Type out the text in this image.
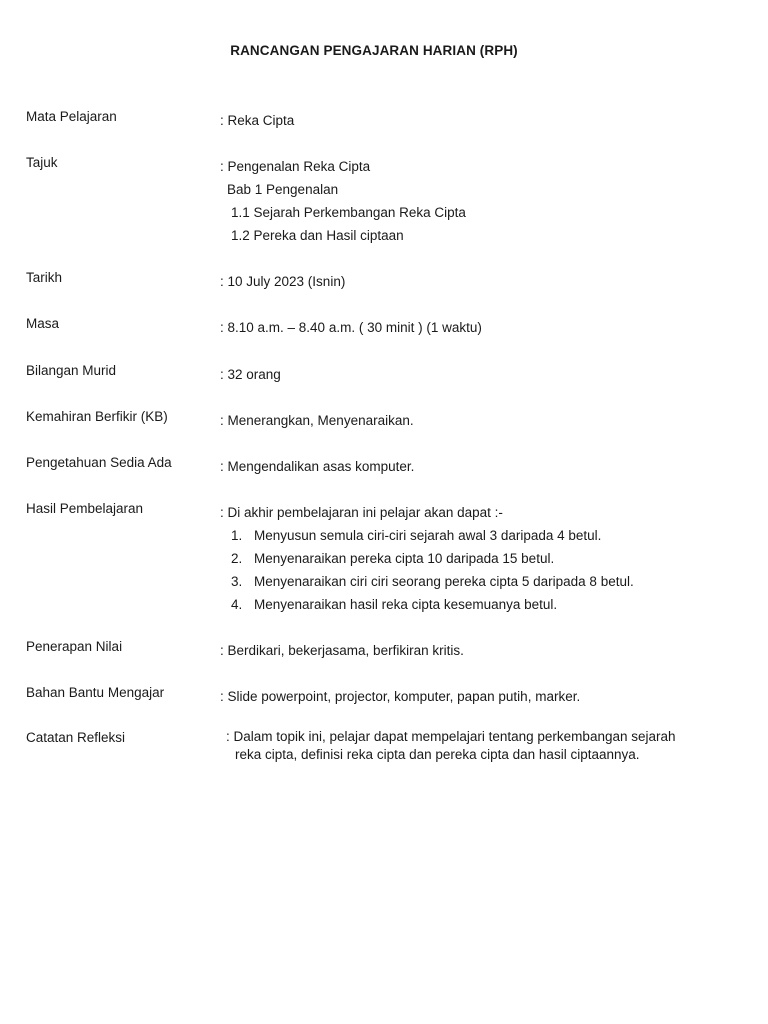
RANCANGAN PENGAJARAN HARIAN (RPH)
Mata Pelajaran	: Reka Cipta
Tajuk	: Pengenalan Reka Cipta
Bab 1 Pengenalan
1.1 Sejarah Perkembangan Reka Cipta
1.2 Pereka dan Hasil ciptaan
Tarikh	: 10 July 2023 (Isnin)
Masa	: 8.10 a.m. – 8.40 a.m. ( 30 minit ) (1 waktu)
Bilangan Murid	: 32 orang
Kemahiran Berfikir (KB)	: Menerangkan, Menyenaraikan.
Pengetahuan Sedia Ada	: Mengendalikan asas komputer.
Hasil Pembelajaran	: Di akhir pembelajaran ini pelajar akan dapat :-
1. Menyusun semula ciri-ciri sejarah awal 3 daripada 4 betul.
2. Menyenaraikan pereka cipta 10 daripada 15 betul.
3. Menyenaraikan ciri ciri seorang pereka cipta 5 daripada 8 betul.
4. Menyenaraikan hasil reka cipta kesemuanya betul.
Penerapan Nilai	: Berdikari, bekerjasama, berfikiran kritis.
Bahan Bantu Mengajar	: Slide powerpoint, projector, komputer, papan putih, marker.
Catatan Refleksi	: Dalam topik ini, pelajar dapat mempelajari tentang perkembangan sejarah
reka cipta, definisi reka cipta dan pereka cipta dan hasil ciptaannya.
